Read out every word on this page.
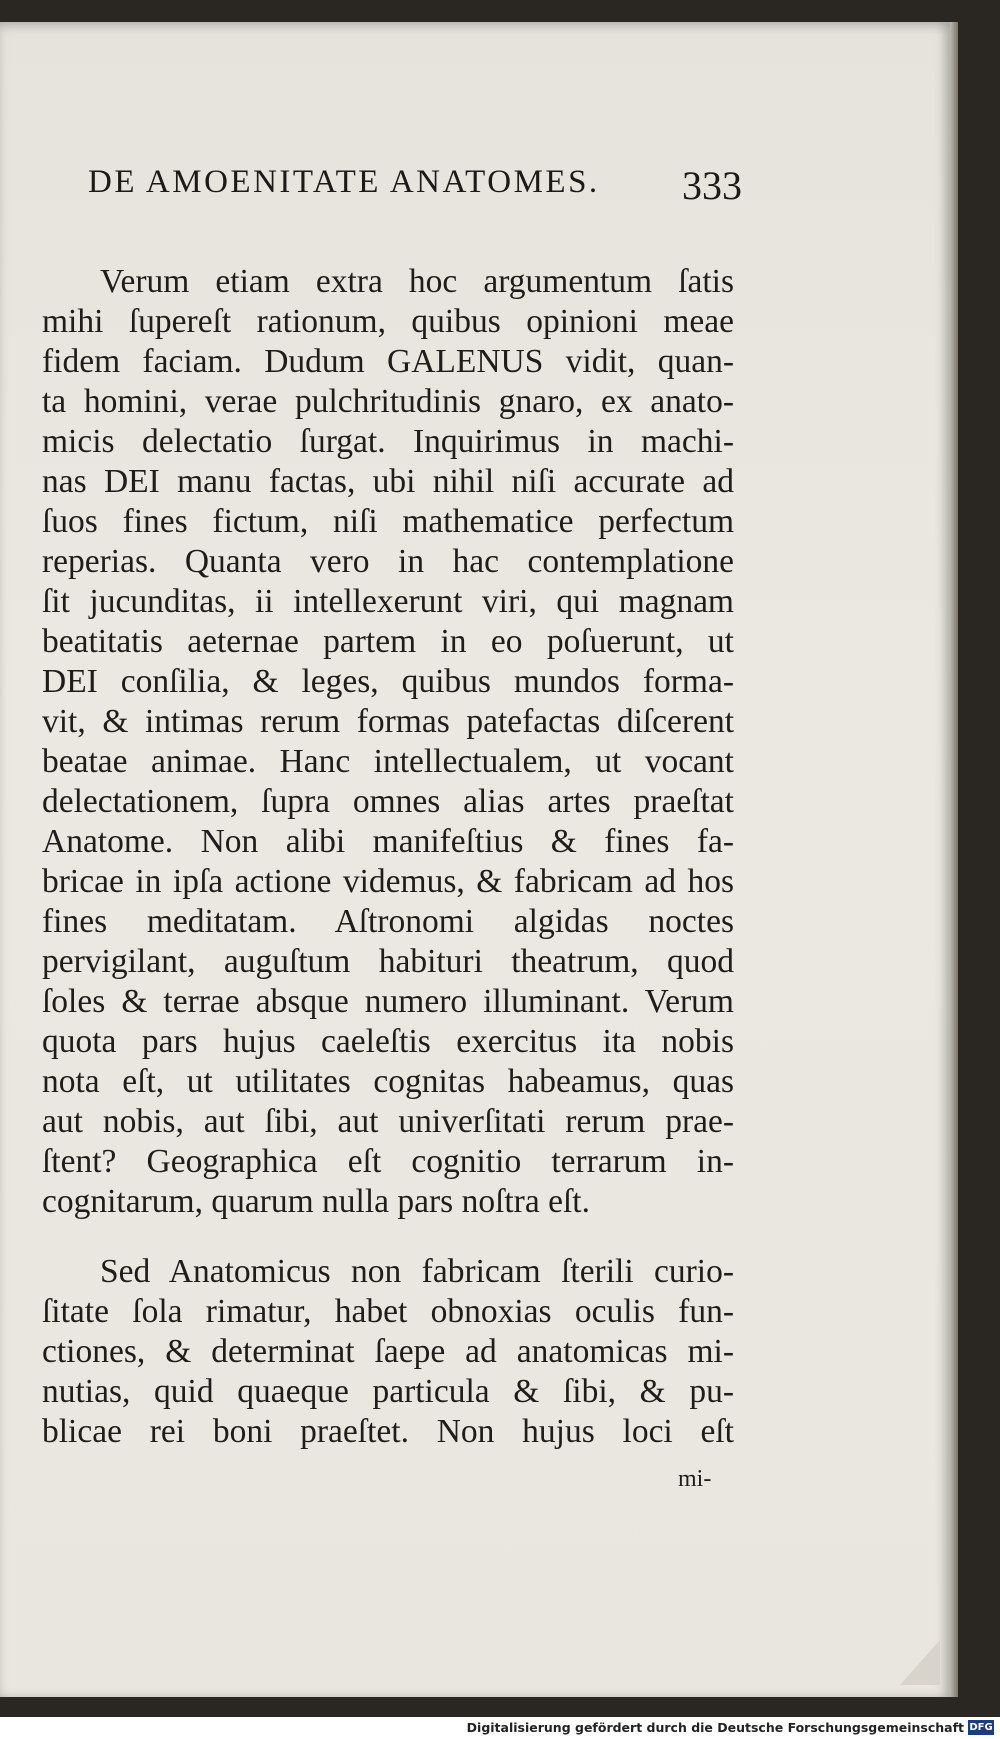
DE AMOENITATE ANATOMES.	333
Verum etiam extra hoc argumentum ſatis
mihi ſupereſt rationum, quibus opinioni meae
fidem faciam. Dudum GALENUS vidit, quan-
ta homini, verae pulchritudinis gnaro, ex anato-
micis delectatio ſurgat. Inquirimus in machi-
nas DEI manu factas, ubi nihil niſi accurate ad
ſuos fines fictum, niſi mathematice perfectum
reperias. Quanta vero in hac contemplatione
ſit jucunditas, ii intellexerunt viri, qui magnam
beatitatis aeternae partem in eo poſuerunt, ut
DEI conſilia, & leges, quibus mundos forma-
vit, & intimas rerum formas patefactas diſcerent
beatae animae. Hanc intellectualem, ut vocant
delectationem, ſupra omnes alias artes praeſtat
Anatome. Non alibi manifeſtius & fines fa-
bricae in ipſa actione videmus, & fabricam ad hos
fines meditatam. Aſtronomi algidas noctes
pervigilant, auguſtum habituri theatrum, quod
ſoles & terrae absque numero illuminant. Verum
quota pars hujus caeleſtis exercitus ita nobis
nota eſt, ut utilitates cognitas habeamus, quas
aut nobis, aut ſibi, aut univerſitati rerum prae-
ſtent? Geographica eſt cognitio terrarum in-
cognitarum, quarum nulla pars noſtra eſt.
Sed Anatomicus non fabricam ſterili curio-
ſitate ſola rimatur, habet obnoxias oculis fun-
ctiones, & determinat ſaepe ad anatomicas mi-
nutias, quid quaeque particula & ſibi, & pu-
blicae rei boni praeſtet. Non hujus loci eſt
mi-
Digitalisierung gefördert durch die Deutsche Forschungsgemeinschaft DFG
